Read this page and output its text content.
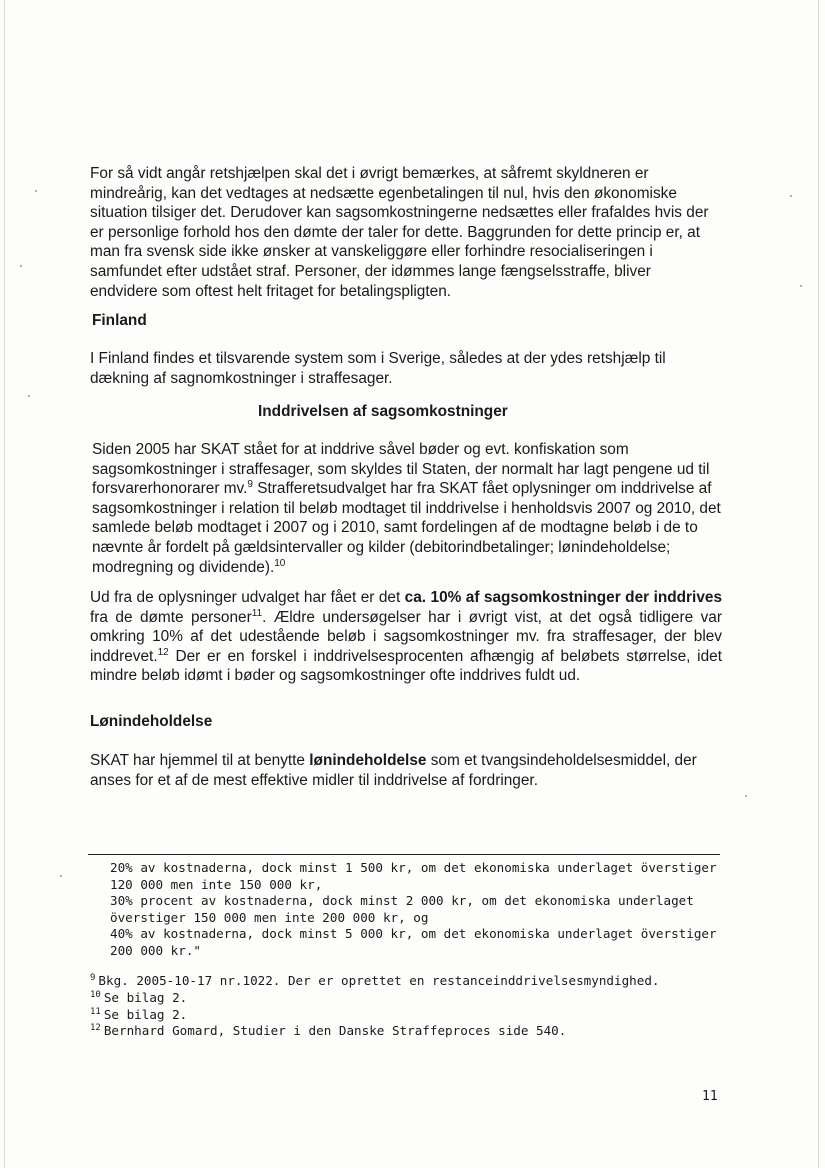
For så vidt angår retshjælpen skal det i øvrigt bemærkes, at såfremt skyldneren er mindreårig, kan det vedtages at nedsætte egenbetalingen til nul, hvis den økonomiske situation tilsiger det. Derudover kan sagsomkostningerne nedsættes eller frafaldes hvis der er personlige forhold hos den dømte der taler for dette. Baggrunden for dette princip er, at man fra svensk side ikke ønsker at vanskeliggøre eller forhindre resocialiseringen i samfundet efter udstået straf. Personer, der idømmes lange fængselsstraffe, bliver endvidere som oftest helt fritaget for betalingspligten.

Finland

I Finland findes et tilsvarende system som i Sverige, således at der ydes retshjælp til dækning af sagnomkostninger i straffesager.

Inddrivelsen af sagsomkostninger

Siden 2005 har SKAT stået for at inddrive såvel bøder og evt. konfiskation som sagsomkostninger i straffesager, som skyldes til Staten, der normalt har lagt pengene ud til forsvarerhonorarer mv.$^9$ Strafferetsudvalget har fra SKAT fået oplysninger om inddrivelse af sagsomkostninger i relation til beløb modtaget til inddrivelse i henholdsvis 2007 og 2010, det samlede beløb modtaget i 2007 og i 2010, samt fordelingen af de modtagne beløb i de to nævnte år fordelt på gældsintervaller og kilder (debitorindbetalinger; lønindeholdelse; modregning og dividende).$^{10}$

Ud fra de oplysninger udvalget har fået er det ca. 10% af sagsomkostninger der inddrives fra de dømte personer$^{11}$. Ældre undersøgelser har i øvrigt vist, at det også tidligere var omkring 10% af det udestående beløb i sagsomkostninger mv. fra straffesager, der blev inddrevet.$^{12}$ Der er en forskel i inddrivelsesprocenten afhængig af beløbets størrelse, idet mindre beløb idømt i bøder og sagsomkostninger ofte inddrives fuldt ud.

Lønindeholdelse

SKAT har hjemmel til at benytte lønindeholdelse som et tvangsindeholdelsesmiddel, der anses for et af de mest effektive midler til inddrivelse af fordringer.

20% av kostnaderna, dock minst 1 500 kr, om det ekonomiska underlaget överstiger
120 000 men inte 150 000 kr,
30% procent av kostnaderna, dock minst 2 000 kr, om det ekonomiska underlaget
överstiger 150 000 men inte 200 000 kr, og
40% av kostnaderna, dock minst 5 000 kr, om det ekonomiska underlaget överstiger
200 000 kr."
$^9$ Bkg. 2005-10-17 nr.1022. Der er oprettet en restanceinddrivelsesmyndighed.
$^{10}$ Se bilag 2.
$^{11}$ Se bilag 2.
$^{12}$ Bernhard Gomard, Studier i den Danske Straffeproces side 540.
11
